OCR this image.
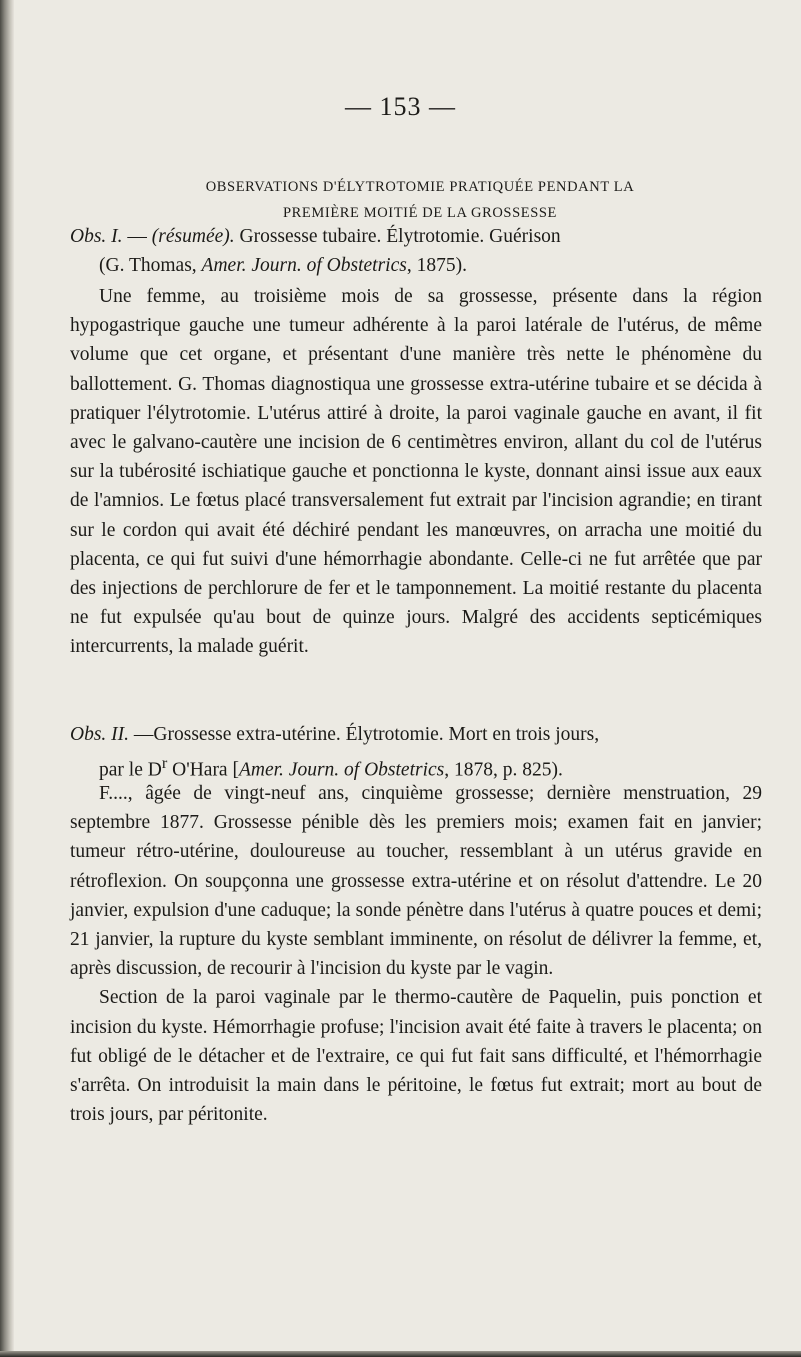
— 153 —
OBSERVATIONS D'ÉLYTROTOMIE PRATIQUÉE PENDANT LA
PREMIÈRE MOITIÉ DE LA GROSSESSE

Obs. I. — (résumée). Grossesse tubaire. Élytrotomie. Guérison

(G. Thomas, Amer. Journ. of Obstetrics, 1875).

Une femme, au troisième mois de sa grossesse, présente dans la région hypogastrique gauche une tumeur adhérente à la paroi latérale de l'utérus, de même volume que cet organe, et présentant d'une manière très nette le phénomène du ballottement. G. Thomas diagnostiqua une grossesse extra-utérine tubaire et se décida à pratiquer l'élytrotomie. L'utérus attiré à droite, la paroi vaginale gauche en avant, il fit avec le galvano-cautère une incision de 6 centimètres environ, allant du col de l'utérus sur la tubérosité ischiatique gauche et ponctionna le kyste, donnant ainsi issue aux eaux de l'amnios. Le fœtus placé transversalement fut extrait par l'incision agrandie; en tirant sur le cordon qui avait été déchiré pendant les manœuvres, on arracha une moitié du placenta, ce qui fut suivi d'une hémorrhagie abondante. Celle-ci ne fut arrêtée que par des injections de perchlorure de fer et le tamponnement. La moitié restante du placenta ne fut expulsée qu'au bout de quinze jours. Malgré des accidents septicémiques intercurrents, la malade guérit.

Obs. II. —Grossesse extra-utérine. Élytrotomie. Mort en trois jours,

par le $D^r$ O'Hara [Amer. Journ. of Obstetrics, 1878, p. 825).

F...., âgée de vingt-neuf ans, cinquième grossesse; dernière menstruation, 29 septembre 1877. Grossesse pénible dès les premiers mois; examen fait en janvier; tumeur rétro-utérine, douloureuse au toucher, ressemblant à un utérus gravide en rétroflexion. On soupçonna une grossesse extra-utérine et on résolut d'attendre. Le 20 janvier, expulsion d'une caduque; la sonde pénètre dans l'utérus à quatre pouces et demi; 21 janvier, la rupture du kyste semblant imminente, on résolut de délivrer la femme, et, après discussion, de recourir à l'incision du kyste par le vagin.

Section de la paroi vaginale par le thermo-cautère de Paquelin, puis ponction et incision du kyste. Hémorrhagie profuse; l'incision avait été faite à travers le placenta; on fut obligé de le détacher et de l'extraire, ce qui fut fait sans difficulté, et l'hémorrhagie s'arrêta. On introduisit la main dans le péritoine, le fœtus fut extrait; mort au bout de trois jours, par péritonite.
